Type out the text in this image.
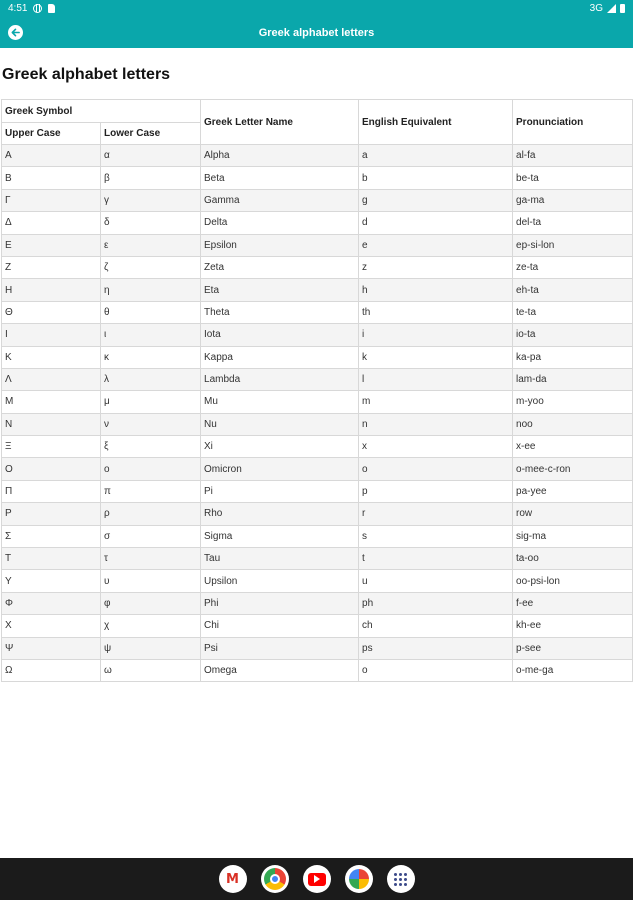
4:51	3G
Greek alphabet letters
Greek alphabet letters
Greek Symbol		Greek Letter Name	English Equivalent	Pronunciation
Upper Case	Lower Case			
Α	α	Alpha	a	al-fa
Β	β	Beta	b	be-ta
Γ	γ	Gamma	g	ga-ma
Δ	δ	Delta	d	del-ta
Ε	ε	Epsilon	e	ep-si-lon
Ζ	ζ	Zeta	z	ze-ta
Η	η	Eta	h	eh-ta
Θ	θ	Theta	th	te-ta
Ι	ι	Iota	i	io-ta
Κ	κ	Kappa	k	ka-pa
Λ	λ	Lambda	l	lam-da
Μ	μ	Mu	m	m-yoo
Ν	ν	Nu	n	noo
Ξ	ξ	Xi	x	x-ee
Ο	ο	Omicron	o	o-mee-c-ron
Π	π	Pi	p	pa-yee
Ρ	ρ	Rho	r	row
Σ	σ	Sigma	s	sig-ma
Τ	τ	Tau	t	ta-oo
Υ	υ	Upsilon	u	oo-psi-lon
Φ	φ	Phi	ph	f-ee
Χ	χ	Chi	ch	kh-ee
Ψ	ψ	Psi	ps	p-see
Ω	ω	Omega	o	o-me-ga
M
